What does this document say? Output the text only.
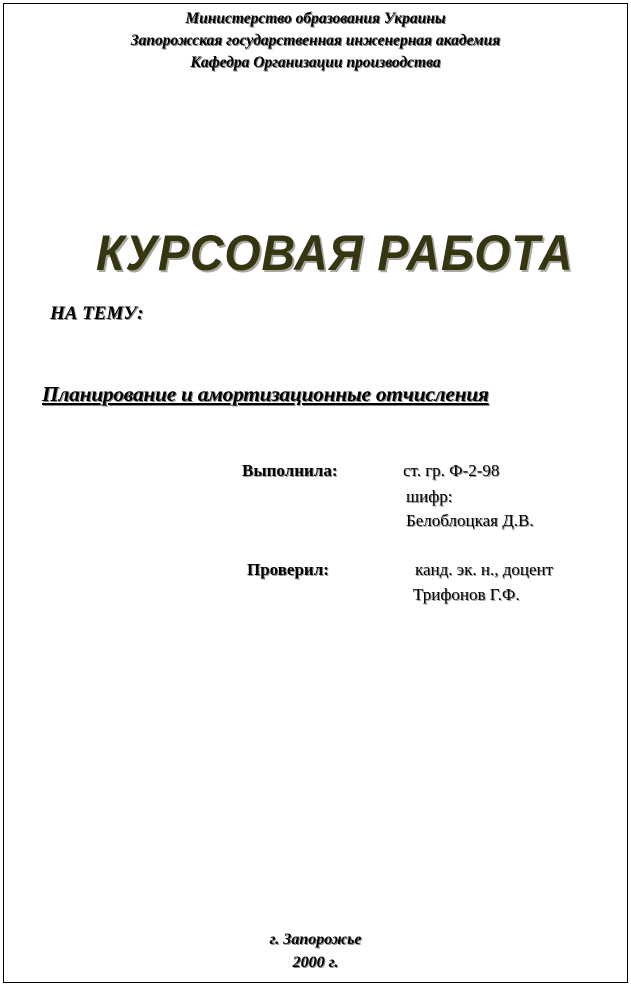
Министерство образования Украины
Запорожская государственная инженерная академия
Кафедра Организации производства
КУРСОВАЯ РАБОТА
НА ТЕМУ:
Планирование и амортизационные отчисления
Выполнила:	ст. гр. Ф-2-98
шифр:
Белоблоцкая Д.В.
Проверил:	канд. эк. н., доцент
Трифонов Г.Ф.
г. Запорожье
2000 г.
